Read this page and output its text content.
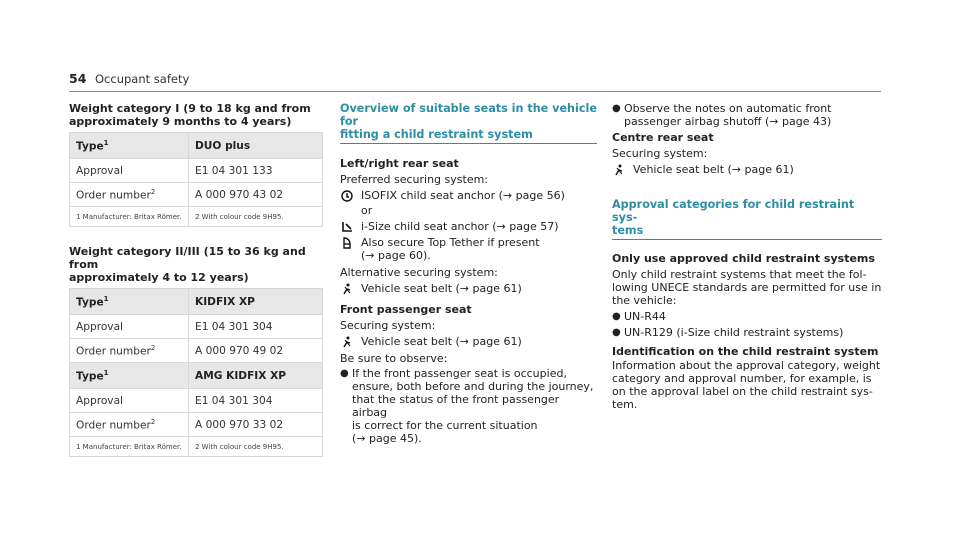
54 Occupant safety
Weight category I (9 to 18 kg and from
approximately 9 months to 4 years)
Type$^1$	DUO plus
Approval	E1 04 301 133
Order number$^2$	A 000 970 43 02
1 Manufacturer: Britax Römer.	2 With colour code 9H95.
Weight category II/III (15 to 36 kg and from
approximately 4 to 12 years)
Type$^1$	KIDFIX XP
Approval	E1 04 301 304
Order number$^2$	A 000 970 49 02
Type$^1$	AMG KIDFIX XP
Approval	E1 04 301 304
Order number$^2$	A 000 970 33 02
1 Manufacturer: Britax Römer.	2 With colour code 9H95.
Overview of suitable seats in the vehicle for
fitting a child restraint system

Left/right rear seat

Preferred securing system:

ISOFIX child seat anchor (→ page 56)

or

i-Size child seat anchor (→ page 57)
Also secure Top Tether if present
(→ page 60).

Alternative securing system:

Vehicle seat belt (→ page 61)

Front passenger seat

Securing system:

Vehicle seat belt (→ page 61)

Be sure to observe:

● If the front passenger seat is occupied,
ensure, both before and during the journey,
that the status of the front passenger airbag
is correct for the current situation
(→ page 45).
● Observe the notes on automatic front
passenger airbag shutoff (→ page 43)

Centre rear seat

Securing system:

Vehicle seat belt (→ page 61)
Approval categories for child restraint sys-
tems

Only use approved child restraint systems

Only child restraint systems that meet the fol-
lowing UNECE standards are permitted for use in
the vehicle:

● UN-R44
● UN-R129 (i-Size child restraint systems)

Identification on the child restraint system

Information about the approval category, weight
category and approval number, for example, is
on the approval label on the child restraint sys-
tem.
